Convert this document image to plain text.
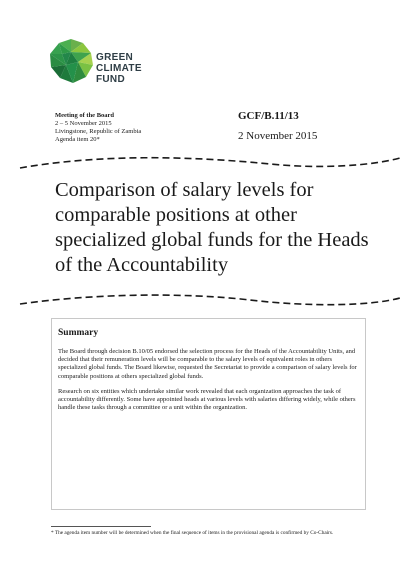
GREEN
CLIMATE
FUND
Meeting of the Board
2 – 5 November 2015
Livingstone, Republic of Zambia
Agenda item 20*
GCF/B.11/13
2 November 2015
Comparison of salary levels for comparable positions at other specialized global funds for the Heads of the Accountability
Summary

The Board through decision B.10/05 endorsed the selection process for the Heads of the Accountability Units, and decided that their remuneration levels will be comparable to the salary levels of equivalent roles in others specialized global funds. The Board likewise, requested the Secretariat to provide a comparison of salary levels for comparable positions at others specialized global funds.

Research on six entities which undertake similar work revealed that each organization approaches the task of accountability differently. Some have appointed heads at various levels with salaries differing widely, while others handle these tasks through a committee or a unit within the organization.

* The agenda item number will be determined when the final sequence of items in the provisional agenda is confirmed by Co-Chairs.
